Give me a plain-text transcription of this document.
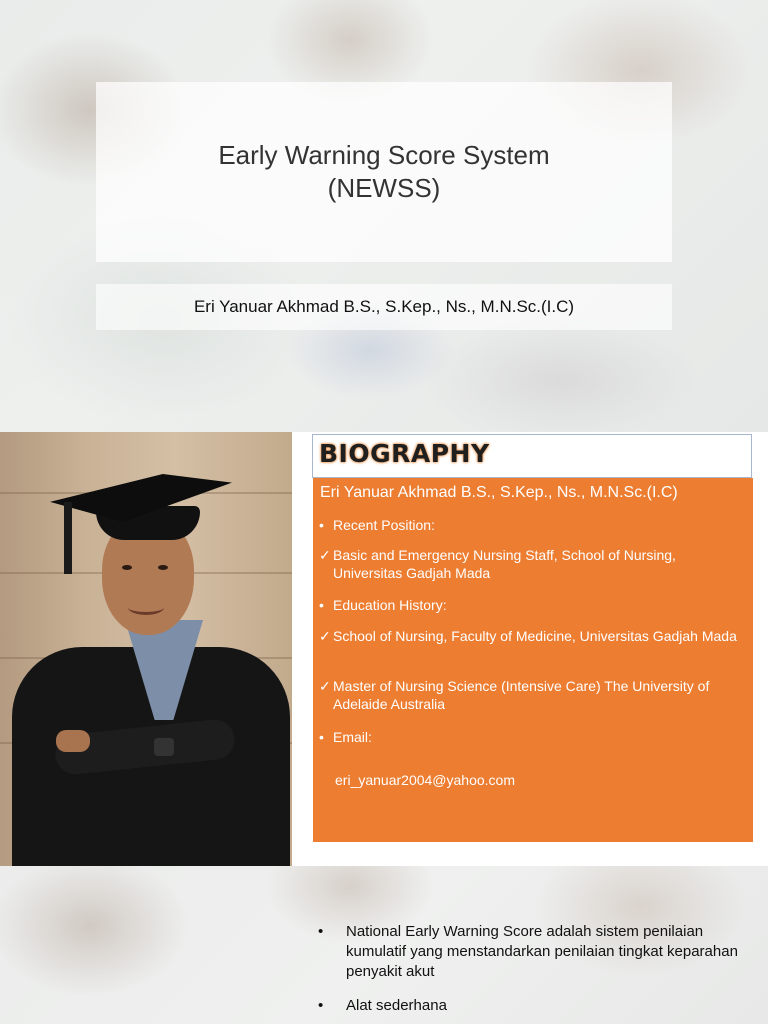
Early Warning Score System
(NEWSS)
Eri Yanuar Akhmad B.S., S.Kep., Ns., M.N.Sc.(I.C)
BIOGRAPHY
Eri Yanuar Akhmad B.S., S.Kep., Ns., M.N.Sc.(I.C)
• Recent Position:
✓ Basic and Emergency Nursing Staff, School of Nursing, Universitas Gadjah Mada
• Education History:
✓ School of Nursing, Faculty of Medicine, Universitas Gadjah Mada
✓ Master of Nursing Science (Intensive Care) The University of Adelaide Australia
• Email:
eri_yanuar2004@yahoo.com
• National Early Warning Score adalah sistem penilaian kumulatif yang menstandarkan penilaian tingkat keparahan penyakit akut
• Alat sederhana
